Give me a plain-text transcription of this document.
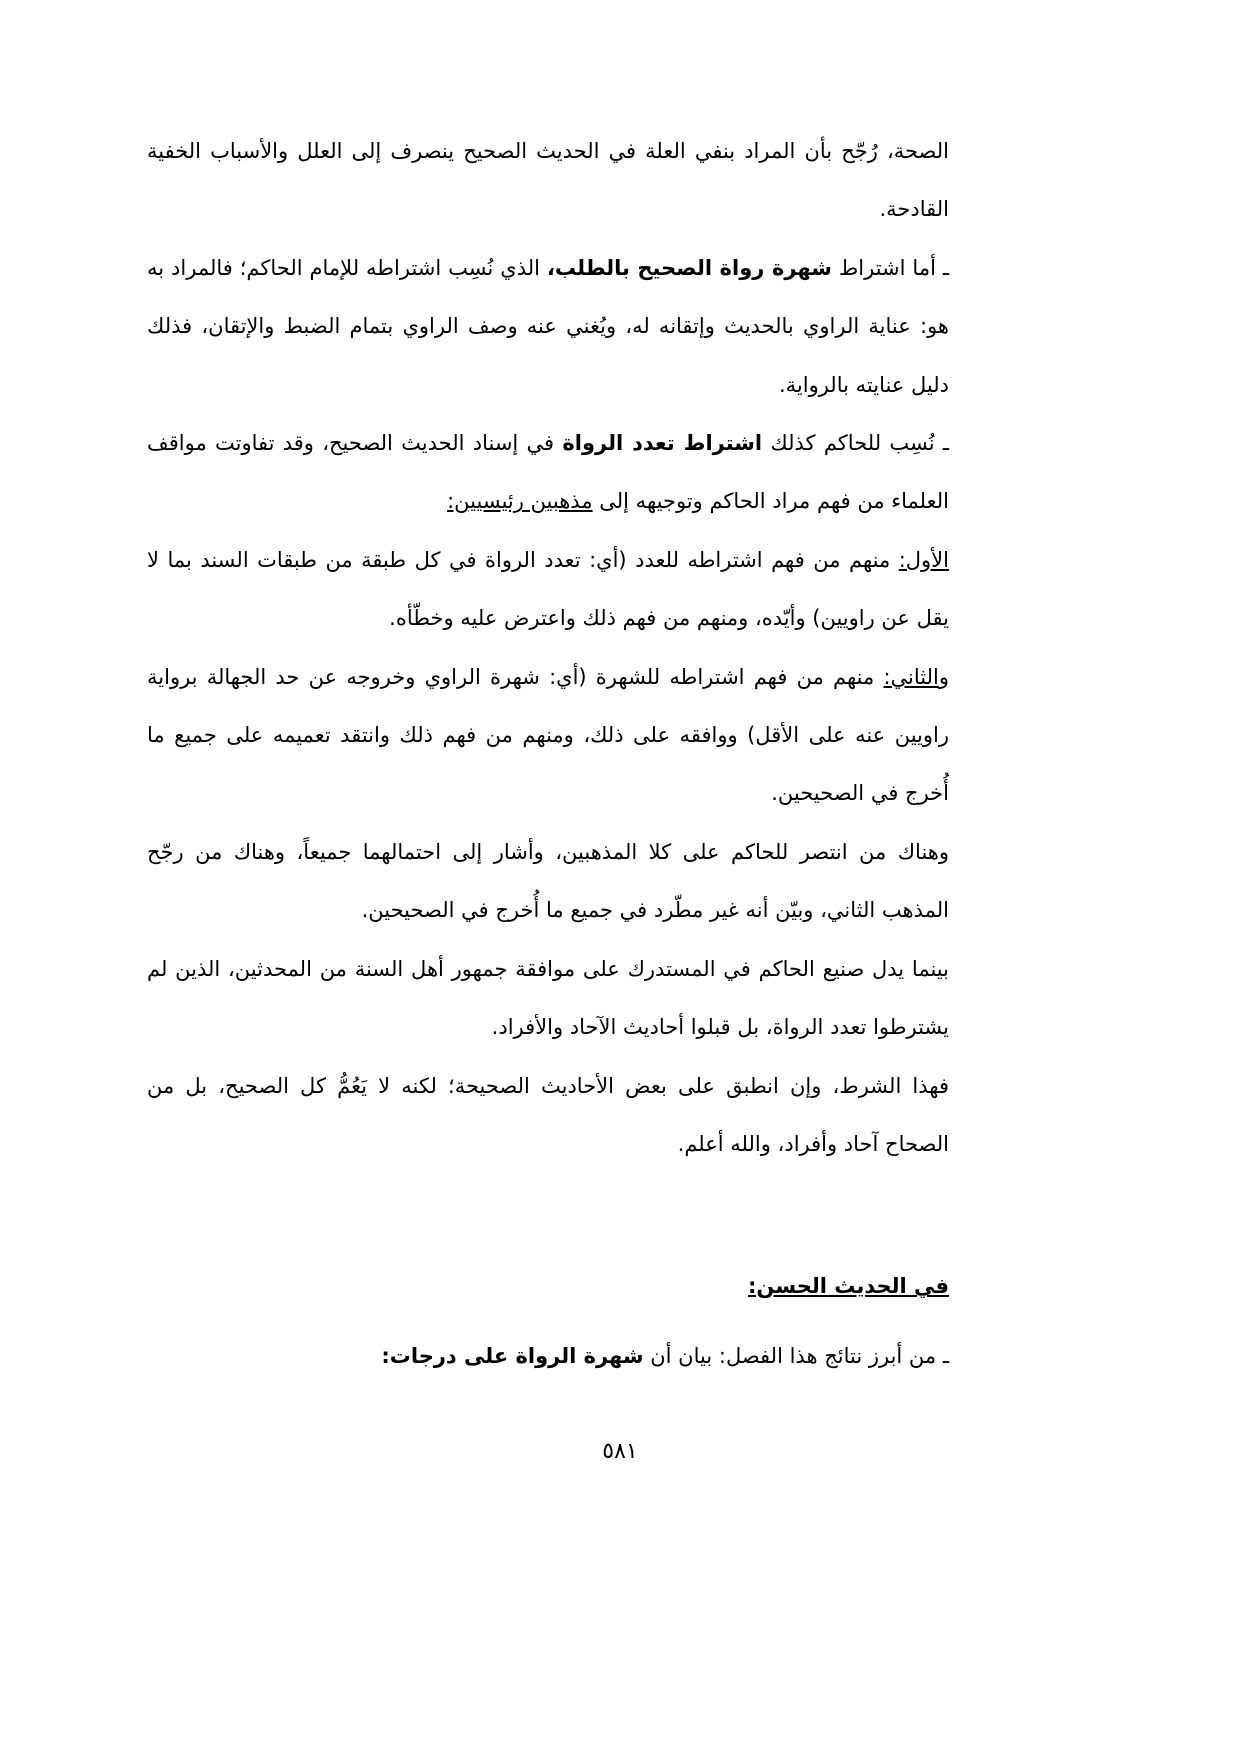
الصحة، رُجّح بأن المراد بنفي العلة في الحديث الصحيح ينصرف إلى العلل والأسباب الخفية القادحة.

ـ أما اشتراط شهرة رواة الصحيح بالطلب، الذي نُسِب اشتراطه للإمام الحاكم؛ فالمراد به هو: عناية الراوي بالحديث وإتقانه له، ويُغني عنه وصف الراوي بتمام الضبط والإتقان، فذلك دليل عنايته بالرواية.

ـ نُسِب للحاكم كذلك اشتراط تعدد الرواة في إسناد الحديث الصحيح، وقد تفاوتت مواقف العلماء من فهم مراد الحاكم وتوجيهه إلى مذهبين رئيسيين:

الأول: منهم من فهم اشتراطه للعدد (أي: تعدد الرواة في كل طبقة من طبقات السند بما لا يقل عن راويين) وأيّده، ومنهم من فهم ذلك واعترض عليه وخطّأه.

والثاني: منهم من فهم اشتراطه للشهرة (أي: شهرة الراوي وخروجه عن حد الجهالة برواية راويين عنه على الأقل) ووافقه على ذلك، ومنهم من فهم ذلك وانتقد تعميمه على جميع ما أُخرج في الصحيحين.

وهناك من انتصر للحاكم على كلا المذهبين، وأشار إلى احتمالهما جميعاً، وهناك من رجّح المذهب الثاني، وبيّن أنه غير مطّرد في جميع ما أُخرج في الصحيحين.

بينما يدل صنيع الحاكم في المستدرك على موافقة جمهور أهل السنة من المحدثين، الذين لم يشترطوا تعدد الرواة، بل قبلوا أحاديث الآحاد والأفراد.

فهذا الشرط، وإن انطبق على بعض الأحاديث الصحيحة؛ لكنه لا يَعُمُّ كل الصحيح، بل من الصحاح آحاد وأفراد، والله أعلم.

في الحديث الحسن:

ـ من أبرز نتائج هذا الفصل: بيان أن شهرة الرواة على درجات:

٥٨١
